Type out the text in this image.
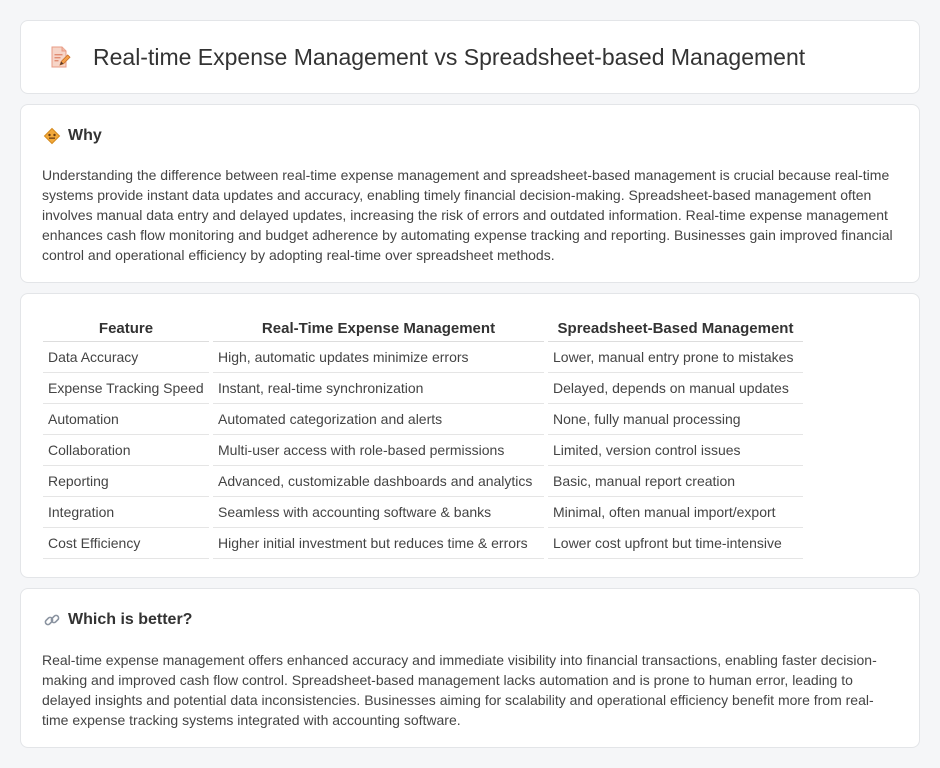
Real-time Expense Management vs Spreadsheet-based Management
Why

Understanding the difference between real-time expense management and spreadsheet-based management is crucial because real-time systems provide instant data updates and accuracy, enabling timely financial decision-making. Spreadsheet-based management often involves manual data entry and delayed updates, increasing the risk of errors and outdated information. Real-time expense management enhances cash flow monitoring and budget adherence by automating expense tracking and reporting. Businesses gain improved financial control and operational efficiency by adopting real-time over spreadsheet methods.

Feature	Real-Time Expense Management	Spreadsheet-Based Management
Data Accuracy	High, automatic updates minimize errors	Lower, manual entry prone to mistakes
Expense Tracking Speed	Instant, real-time synchronization	Delayed, depends on manual updates
Automation	Automated categorization and alerts	None, fully manual processing
Collaboration	Multi-user access with role-based permissions	Limited, version control issues
Reporting	Advanced, customizable dashboards and analytics	Basic, manual report creation
Integration	Seamless with accounting software & banks	Minimal, often manual import/export
Cost Efficiency	Higher initial investment but reduces time & errors	Lower cost upfront but time-intensive
Which is better?

Real-time expense management offers enhanced accuracy and immediate visibility into financial transactions, enabling faster decision-making and improved cash flow control. Spreadsheet-based management lacks automation and is prone to human error, leading to delayed insights and potential data inconsistencies. Businesses aiming for scalability and operational efficiency benefit more from real-time expense tracking systems integrated with accounting software.
